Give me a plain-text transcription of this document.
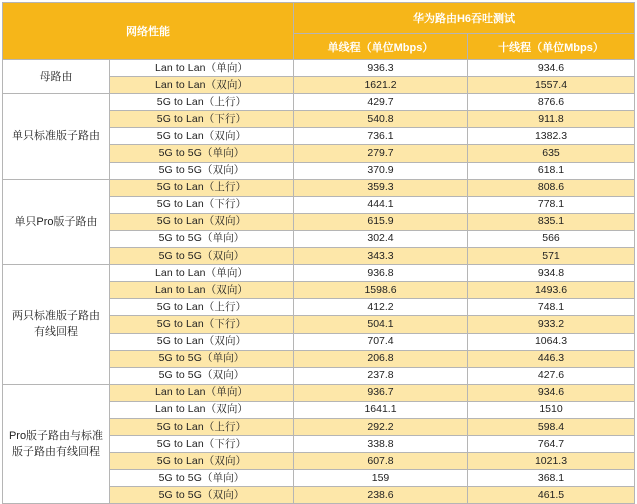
网络性能		华为路由H6吞吐测试	
		单线程（单位Mbps）	十线程（单位Mbps）
母路由	Lan to Lan（单向）	936.3	934.6
	Lan to Lan（双向）	1621.2	1557.4
单只标准版子路由	5G to Lan（上行）	429.7	876.6
	5G to Lan（下行）	540.8	911.8
	5G to Lan（双向）	736.1	1382.3
	5G to 5G（单向）	279.7	635
	5G to 5G（双向）	370.9	618.1
单只Pro版子路由	5G to Lan（上行）	359.3	808.6
	5G to Lan（下行）	444.1	778.1
	5G to Lan（双向）	615.9	835.1
	5G to 5G（单向）	302.4	566
	5G to 5G（双向）	343.3	571
两只标准版子路由有线回程	Lan to Lan（单向）	936.8	934.8
	Lan to Lan（双向）	1598.6	1493.6
	5G to Lan（上行）	412.2	748.1
	5G to Lan（下行）	504.1	933.2
	5G to Lan（双向）	707.4	1064.3
	5G to 5G（单向）	206.8	446.3
	5G to 5G（双向）	237.8	427.6
Pro版子路由与标准版子路由有线回程	Lan to Lan（单向）	936.7	934.6
	Lan to Lan（双向）	1641.1	1510
	5G to Lan（上行）	292.2	598.4
	5G to Lan（下行）	338.8	764.7
	5G to Lan（双向）	607.8	1021.3
	5G to 5G（单向）	159	368.1
	5G to 5G（双向）	238.6	461.5
